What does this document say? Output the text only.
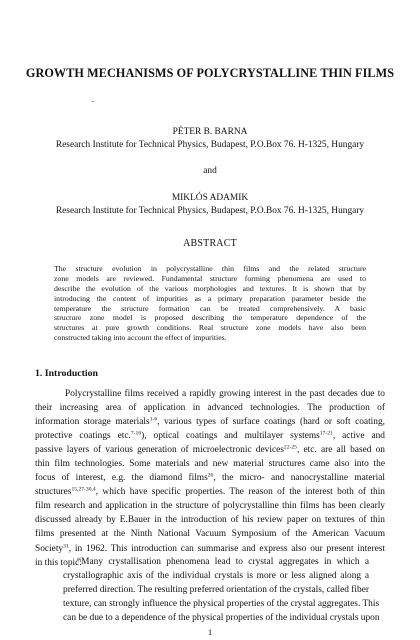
GROWTH MECHANISMS OF POLYCRYSTALLINE THIN FILMS
PÉTER B. BARNA
Research Institute for Technical Physics, Budapest, P.O.Box 76. H-1325, Hungary
and
MIKLÓS ADAMIK
Research Institute for Technical Physics, Budapest, P.O.Box 76. H-1325, Hungary
ABSTRACT
The structure evolution in polycrystalline thin films and the related structure
zone models are reviewed. Fundamental structure forming phenomena are used to
describe the evolution of the various morphologies and textures. It is shown that by
introducing the content of impurities as a primary preparation parameter beside the
temperature the structure formation can be treated comprehensively. A basic
structure zone model is proposed describing the temperature dependence of the
structures at pure growth conditions. Real structure zone models have also been
constructed taking into account the effect of impurities.
1. Introduction
Polycrystalline films received a rapidly growing interest in the past decades due to
their increasing area of application in advanced technologies. The production of
information storage materials$^{1-6}$, various types of surface coatings (hard or soft coating,
protective coatings etc.$^{7-16}$), optical coatings and multilayer systems$^{17-21}$, active and
passive layers of various generation of microelectronic devices$^{22-25}$, etc. are all based on
thin film technologies. Some materials and new material structures came also into the
focus of interest, e.g. the diamond films$^{26}$, the micro- and nanocrystalline material
structures$^{15,27-30,4}$, which have specific properties. The reason of the interest both of thin
film research and application in the structure of polycrystalline thin films has been clearly
discussed already by E.Bauer in the introduction of his review paper on textures of thin
films presented at the Ninth National Vacuum Symposium of the American Vacuum
Society$^{31}$, in 1962. This introduction can summarise and express also our present interest
in this topic:
“Many crystallisation phenomena lead to crystal aggregates in which a
crystallographic axis of the individual crystals is more or less aligned along a
preferred direction. The resulting preferred orientation of the crystals, called fiber
texture, can strongly influence the physical properties of the crystal aggregates. This
can be due to a dependence of the physical properties of the individual crystals upon
1
